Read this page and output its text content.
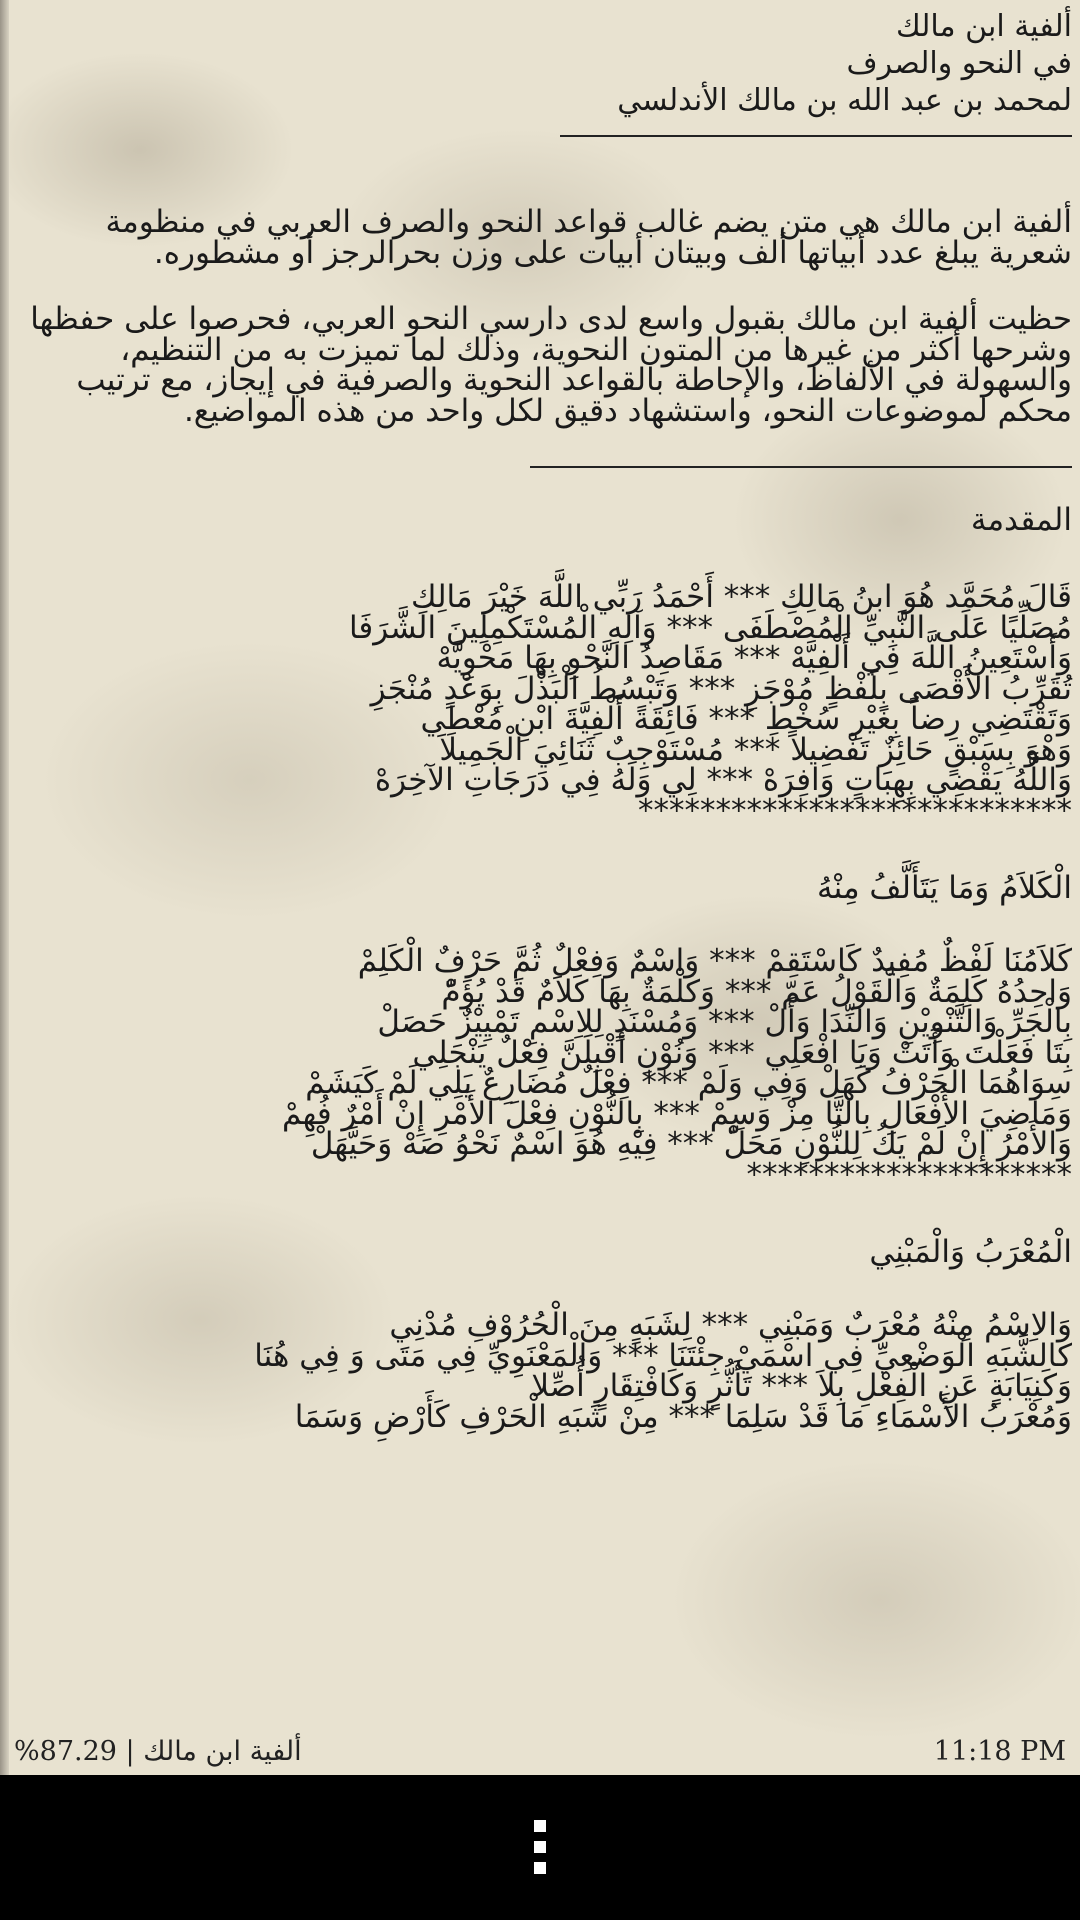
ألفية ابن مالك
في النحو والصرف
لمحمد بن عبد الله بن مالك الأندلسي
ألفية ابن مالك هي متن يضم غالب قواعد النحو والصرف العربي في منظومة شعرية يبلغ عدد أبياتها ألف وبيتان أبيات على وزن بحرالرجز أو مشطوره.
حظيت ألفية ابن مالك بقبول واسع لدى دارسي النحو العربي، فحرصوا على حفظها وشرحها أكثر من غيرها من المتون النحوية، وذلك لما تميزت به من التنظيم، والسهولة في الألفاظ، والإحاطة بالقواعد النحوية والصرفية في إيجاز، مع ترتيب محكم لموضوعات النحو، واستشهاد دقيق لكل واحد من هذه المواضيع.
المقدمة
قَالَ مُحَمَّد هُوَ ابنُ مَالِكِ *** أَحْمَدُ رَبِّي اللَّهَ خَيْرَ مَالِكِ
مُصَلِّيًا عَلَى النَّبِيِّ الْمُصْطَفَى *** وَآلِهِ الْمُسْتَكْمِلِينَ الشَّرَفَا
وَأَسْتَعِينُ اللَّهَ فِي أَلْفِيَّهْ *** مَقَاصِدُ النَّحْوِ بِهَا مَحْوِيَّهْ
تُقَرِّبُ الأَقْصَى بِلَفْظٍ مُوْجَزِ *** وَتَبْسُطُ الْبَذْلَ بِوَعْدٍ مُنْجَزِ
وَتَقْتَضِي رِضاً بِغَيْرِ سُخْطِ *** فَائِقَةً أَلْفِيَّةَ ابْنِ مُعْطِي
وَهْوَ بِسَبْقٍ حَائِزٌ تَفْضِيلاً *** مُسْتَوْجِبٌ ثَنَائِيَ الْجَمِيلاَ
وَاللَّهُ يَقْضِي بِهِبَاتٍ وَافِرَهْ *** لِي وَلَهُ فِي دَرَجَاتِ الآخِرَهْ
****************************
الْكَلاَمُ وَمَا يَتَأَلَّفُ مِنْهُ
كَلاَمُنَا لَفْظٌ مُفِيدٌ كَاسْتَقِمْ *** وَاسْمٌ وَفِعْلٌ ثُمَّ حَرْفٌ الْكَلِمْ
وَاحِدُهُ كَلِمَةٌ وَالْقَوْلُ عَمّ *** وَكَلْمَةٌ بِهَا كَلاَمٌ قَدْ يُؤَمّْ
بِالْجَرِّ وَالتَّنْوِيْنِ وَالنِّدَا وَأَلْ *** وَمُسْنَدٍ لِلاِسْمِ تَمْيِيْزٌ حَصَلْ
بِتَا فَعَلْتَ وَأَتَتْ وَيَا افْعَلِي *** وَنُوْنِ أَقْبِلَنَّ فِعْلٌ يَنْجَلِي
سِوَاهُمَا الْحَرْفُ كَهَلْ وَفِي وَلَمْ *** فِعْلٌ مُضَارِعٌ يَلِي لَمْ كَيَشَمْ
وَمَاضِيَ الأَفْعَالِ بِالتَّا مِزْ وَسِمْ *** بِالنُّوْنِ فِعْلَ الأَمْرِ إِنْ أَمْرٌ فُهِمْ
وَالأَمْرُ إِنْ لَمْ يَكُ لِلنُّوْنِ مَحَلّْ *** فِيْهِ هُوَ اسْمٌ نَحْوُ صَهْ وَحَيَّهَلْ
*********************
الْمُعْرَبُ وَالْمَبْنِي
وَالاِسْمُ مِنْهُ مُعْرَبٌ وَمَبْنِي *** لِشَبَهٍ مِنَ الْحُرُوْفِ مُدْنِي
كَالشَّبَهِ الْوَضْعِيِّ فِي اسْمَيْ جِئْتَنَا *** وَالْمَعْنَوِيِّ فِي مَتَى وَ فِي هُنَا
وَكَنِيَابَةٍ عَنِ الْفِعْلِ بِلاَ *** تَأَثُّرٍ وَكَافْتِقَارٍ أُصِّلا
وَمُعْرَبُ الأَسْمَاءِ مَا قَدْ سَلِمَا *** مِنْ شَبَهِ الْحَرْفِ كَأَرْضِ وَسَمَا
ألفية ابن مالك | 87.29%	11:18 PM
